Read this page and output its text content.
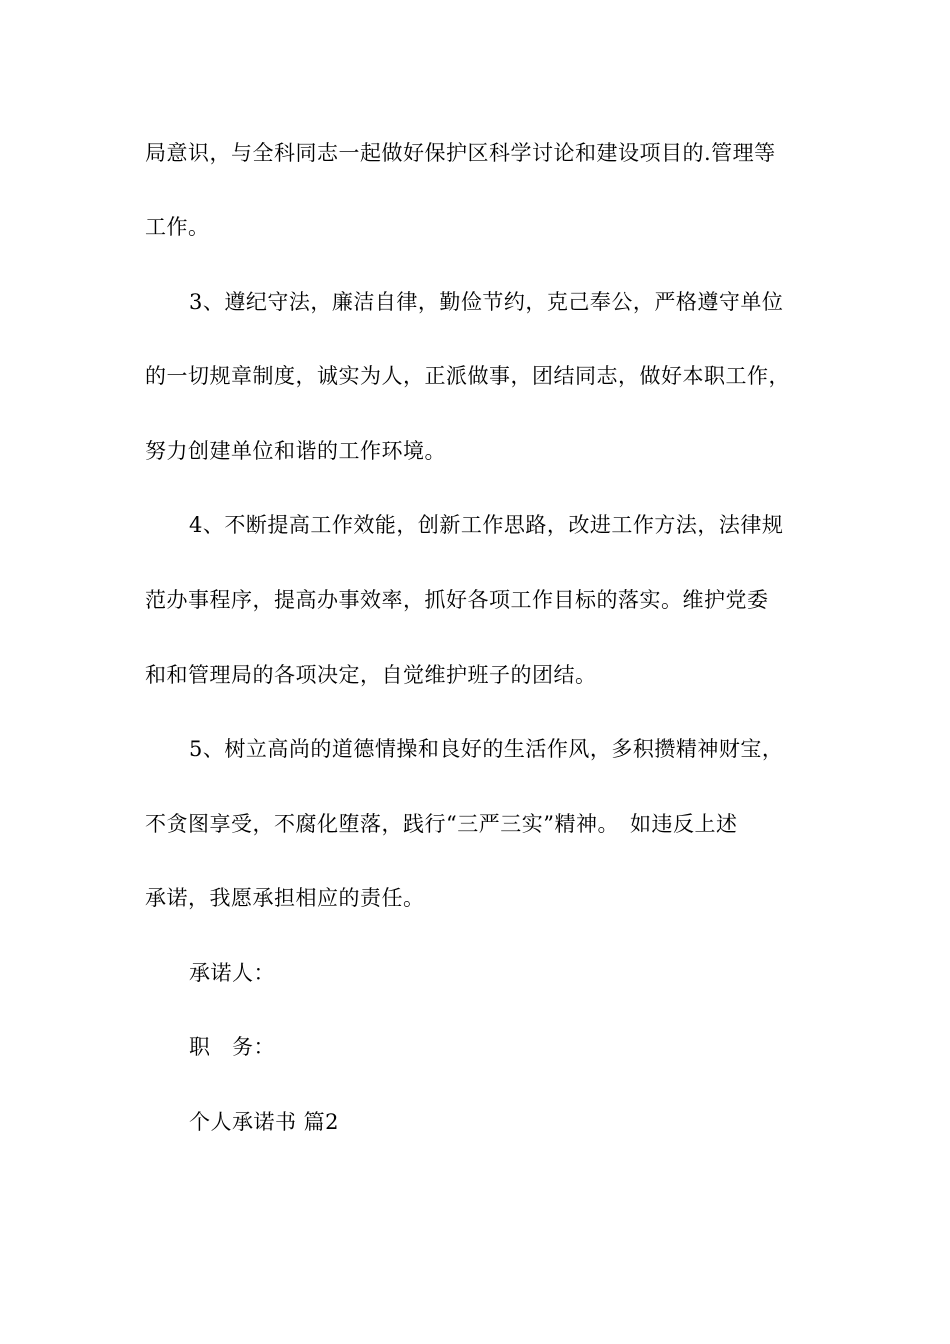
局意识，与全科同志一起做好保护区科学讨论和建设项目的.管理等
工作。
3、遵纪守法，廉洁自律，勤俭节约，克己奉公，严格遵守单位
的一切规章制度，诚实为人，正派做事，团结同志，做好本职工作，
努力创建单位和谐的工作环境。
4、不断提高工作效能，创新工作思路，改进工作方法，法律规
范办事程序，提高办事效率，抓好各项工作目标的落实。维护党委
和和管理局的各项决定，自觉维护班子的团结。
5、树立高尚的道德情操和良好的生活作风，多积攒精神财宝，
不贪图享受，不腐化堕落，践行“三严三实”精神。　如违反上述
承诺，我愿承担相应的责任。
承诺人：
职　务：
个人承诺书 篇2
